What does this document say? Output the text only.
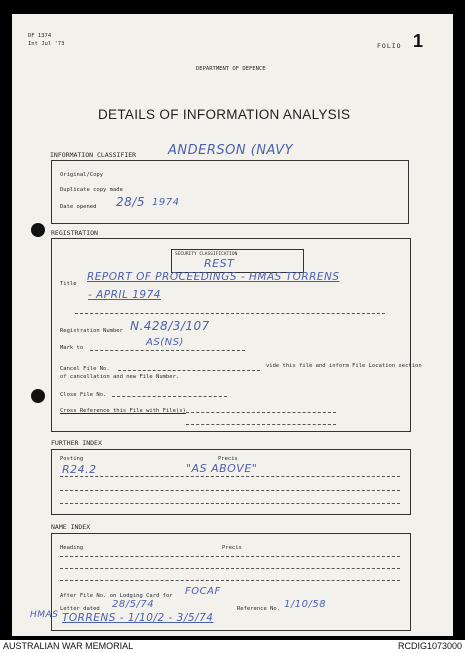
DF 1374
Int Jul '73	FOLIO 1
DEPARTMENT OF DEFENCE
DETAILS OF INFORMATION ANALYSIS
INFORMATION CLASSIFIER ANDERSON (NAVY
Original/Copy
Duplicate copy made
Date opened 28/5 1974
REGISTRATION
SECURITY CLASSIFICATION
REST
Title
REPORT OF PROCEEDINGS - HMAS TORRENS
- APRIL 1974
Registration Number N.428/3/107
Mark to	AS(NS)
Cancel File No.	vide this file and inform File Location section
of cancellation and new File Number.
Close File No.
Cross Reference this File with File(s)
FURTHER INDEX
Posting	Precis
R24.2	"AS ABOVE"
NAME INDEX
Heading	Precis
After File No. on Lodging Card for FOCAF
Letter dated 28/5/74	Reference No. 1/10/58
HMAS TORRENS - 1/10/2 - 3/5/74
AUSTRALIAN WAR MEMORIAL	RCDIG1073000
